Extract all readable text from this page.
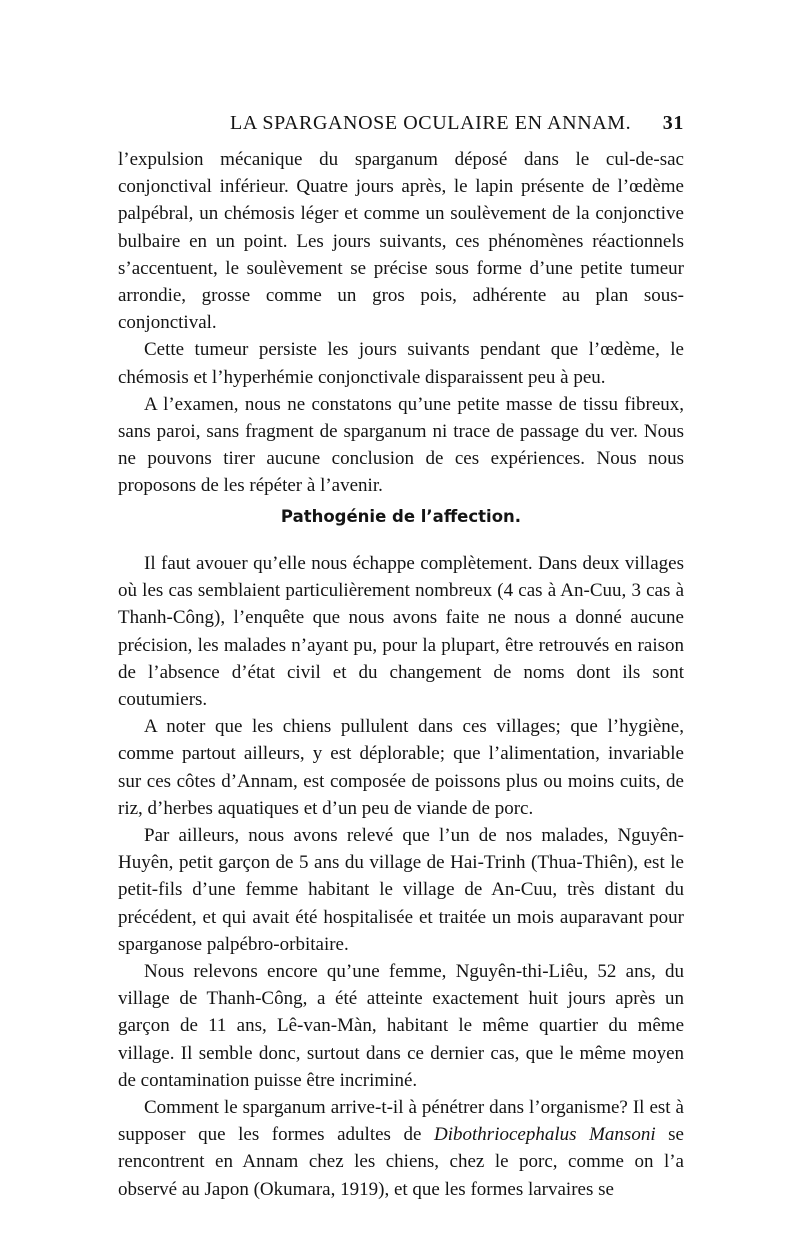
LA SPARGANOSE OCULAIRE EN ANNAM. 31

l’expulsion mécanique du sparganum déposé dans le cul-de-sac conjonctival inférieur. Quatre jours après, le lapin présente de l’œdème palpébral, un chémosis léger et comme un soulèvement de la conjonctive bulbaire en un point. Les jours suivants, ces phénomènes réactionnels s’accentuent, le soulèvement se précise sous forme d’une petite tumeur arrondie, grosse comme un gros pois, adhérente au plan sous-conjonctival.

Cette tumeur persiste les jours suivants pendant que l’œdème, le chémosis et l’hyperhémie conjonctivale disparaissent peu à peu.

A l’examen, nous ne constatons qu’une petite masse de tissu fibreux, sans paroi, sans fragment de sparganum ni trace de passage du ver. Nous ne pouvons tirer aucune conclusion de ces expériences. Nous nous proposons de les répéter à l’avenir.

Pathogénie de l’affection.

Il faut avouer qu’elle nous échappe complètement. Dans deux villages où les cas semblaient particulièrement nombreux (4 cas à An-Cuu, 3 cas à Thanh-Công), l’enquête que nous avons faite ne nous a donné aucune précision, les malades n’ayant pu, pour la plupart, être retrouvés en raison de l’absence d’état civil et du changement de noms dont ils sont coutumiers.

A noter que les chiens pullulent dans ces villages; que l’hygiène, comme partout ailleurs, y est déplorable; que l’alimentation, invariable sur ces côtes d’Annam, est composée de poissons plus ou moins cuits, de riz, d’herbes aquatiques et d’un peu de viande de porc.

Par ailleurs, nous avons relevé que l’un de nos malades, Nguyên-Huyên, petit garçon de 5 ans du village de Hai-Trinh (Thua-Thiên), est le petit-fils d’une femme habitant le village de An-Cuu, très distant du précédent, et qui avait été hospitalisée et traitée un mois auparavant pour sparganose palpébro-orbitaire.

Nous relevons encore qu’une femme, Nguyên-thi-Liêu, 52 ans, du village de Thanh-Công, a été atteinte exactement huit jours après un garçon de 11 ans, Lê-van-Màn, habitant le même quartier du même village. Il semble donc, surtout dans ce dernier cas, que le même moyen de contamination puisse être incriminé.

Comment le sparganum arrive-t-il à pénétrer dans l’organisme? Il est à supposer que les formes adultes de Dibothriocephalus Mansoni se rencontrent en Annam chez les chiens, chez le porc, comme on l’a observé au Japon (Okumara, 1919), et que les formes larvaires se
